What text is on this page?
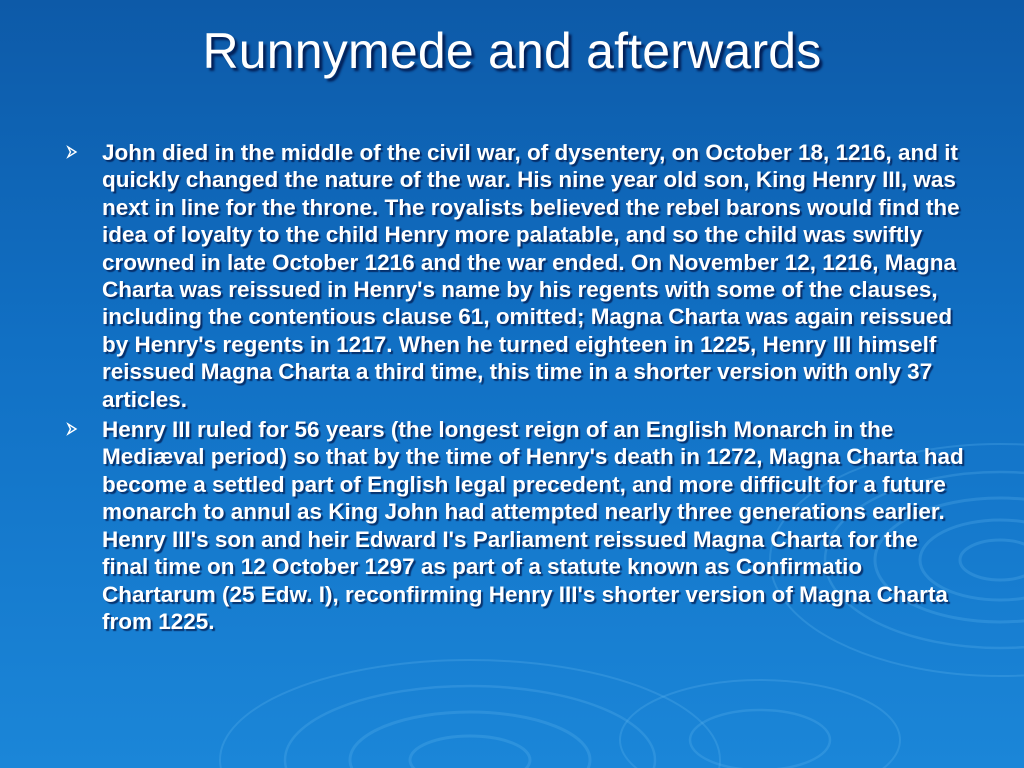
Runnymede and afterwards
John died in the middle of the civil war, of dysentery, on October 18, 1216, and it quickly changed the nature of the war. His nine year old son, King Henry III, was next in line for the throne. The royalists believed the rebel barons would find the idea of loyalty to the child Henry more palatable, and so the child was swiftly crowned in late October 1216 and the war ended. On November 12, 1216, Magna Charta was reissued in Henry's name by his regents with some of the clauses, including the contentious clause 61, omitted; Magna Charta was again reissued by Henry's regents in 1217. When he turned eighteen in 1225, Henry III himself reissued Magna Charta a third time, this time in a shorter version with only 37 articles.
Henry III ruled for 56 years (the longest reign of an English Monarch in the Mediæval period) so that by the time of Henry's death in 1272, Magna Charta had become a settled part of English legal precedent, and more difficult for a future monarch to annul as King John had attempted nearly three generations earlier. Henry III's son and heir Edward I's Parliament reissued Magna Charta for the final time on 12 October 1297 as part of a statute known as Confirmatio Chartarum (25 Edw. I), reconfirming Henry III's shorter version of Magna Charta from 1225.
